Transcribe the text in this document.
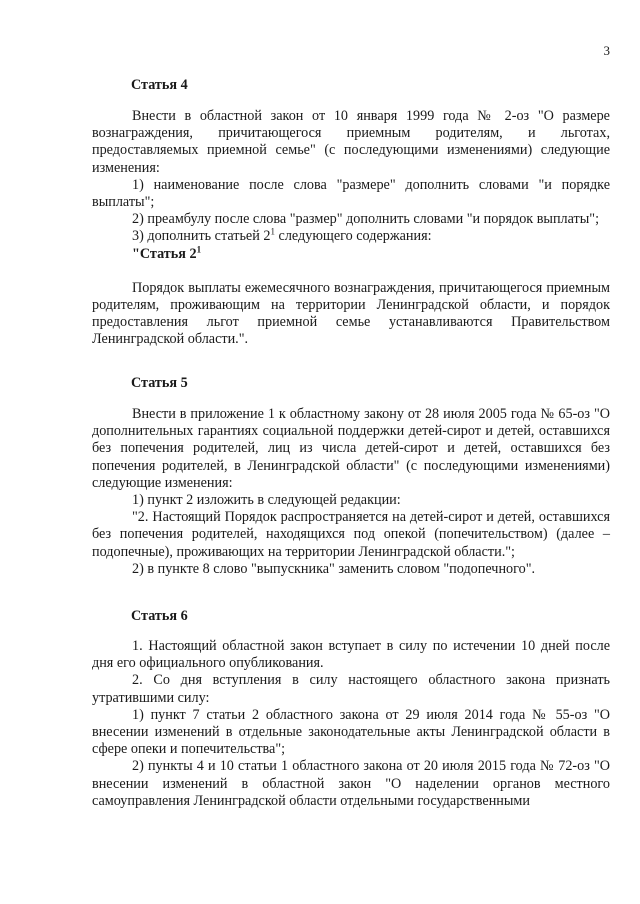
3
Статья 4

Внести в областной закон от 10 января 1999 года № 2-оз "О размере вознаграждения, причитающегося приемным родителям, и льготах, предоставляемых приемной семье" (с последующими изменениями) следующие изменения:

1) наименование после слова "размере" дополнить словами "и порядке выплаты";

2) преамбулу после слова "размер" дополнить словами "и порядок выплаты";

3) дополнить статьей $2^1$ следующего содержания:

"Статья $2^1$

Порядок выплаты ежемесячного вознаграждения, причитающегося приемным родителям, проживающим на территории Ленинградской области, и порядок предоставления льгот приемной семье устанавливаются Правительством Ленинградской области.".

Статья 5

Внести в приложение 1 к областному закону от 28 июля 2005 года № 65-оз "О дополнительных гарантиях социальной поддержки детей-сирот и детей, оставшихся без попечения родителей, лиц из числа детей-сирот и детей, оставшихся без попечения родителей, в Ленинградской области" (с последующими изменениями) следующие изменения:

1) пункт 2 изложить в следующей редакции:

"2. Настоящий Порядок распространяется на детей-сирот и детей, оставшихся без попечения родителей, находящихся под опекой (попечительством) (далее – подопечные), проживающих на территории Ленинградской области.";

2) в пункте 8 слово "выпускника" заменить словом "подопечного".

Статья 6

1. Настоящий областной закон вступает в силу по истечении 10 дней после дня его официального опубликования.

2. Со дня вступления в силу настоящего областного закона признать утратившими силу:

1) пункт 7 статьи 2 областного закона от 29 июля 2014 года № 55-оз "О внесении изменений в отдельные законодательные акты Ленинградской области в сфере опеки и попечительства";

2) пункты 4 и 10 статьи 1 областного закона от 20 июля 2015 года № 72-оз "О внесении изменений в областной закон "О наделении органов местного самоуправления Ленинградской области отдельными государственными
